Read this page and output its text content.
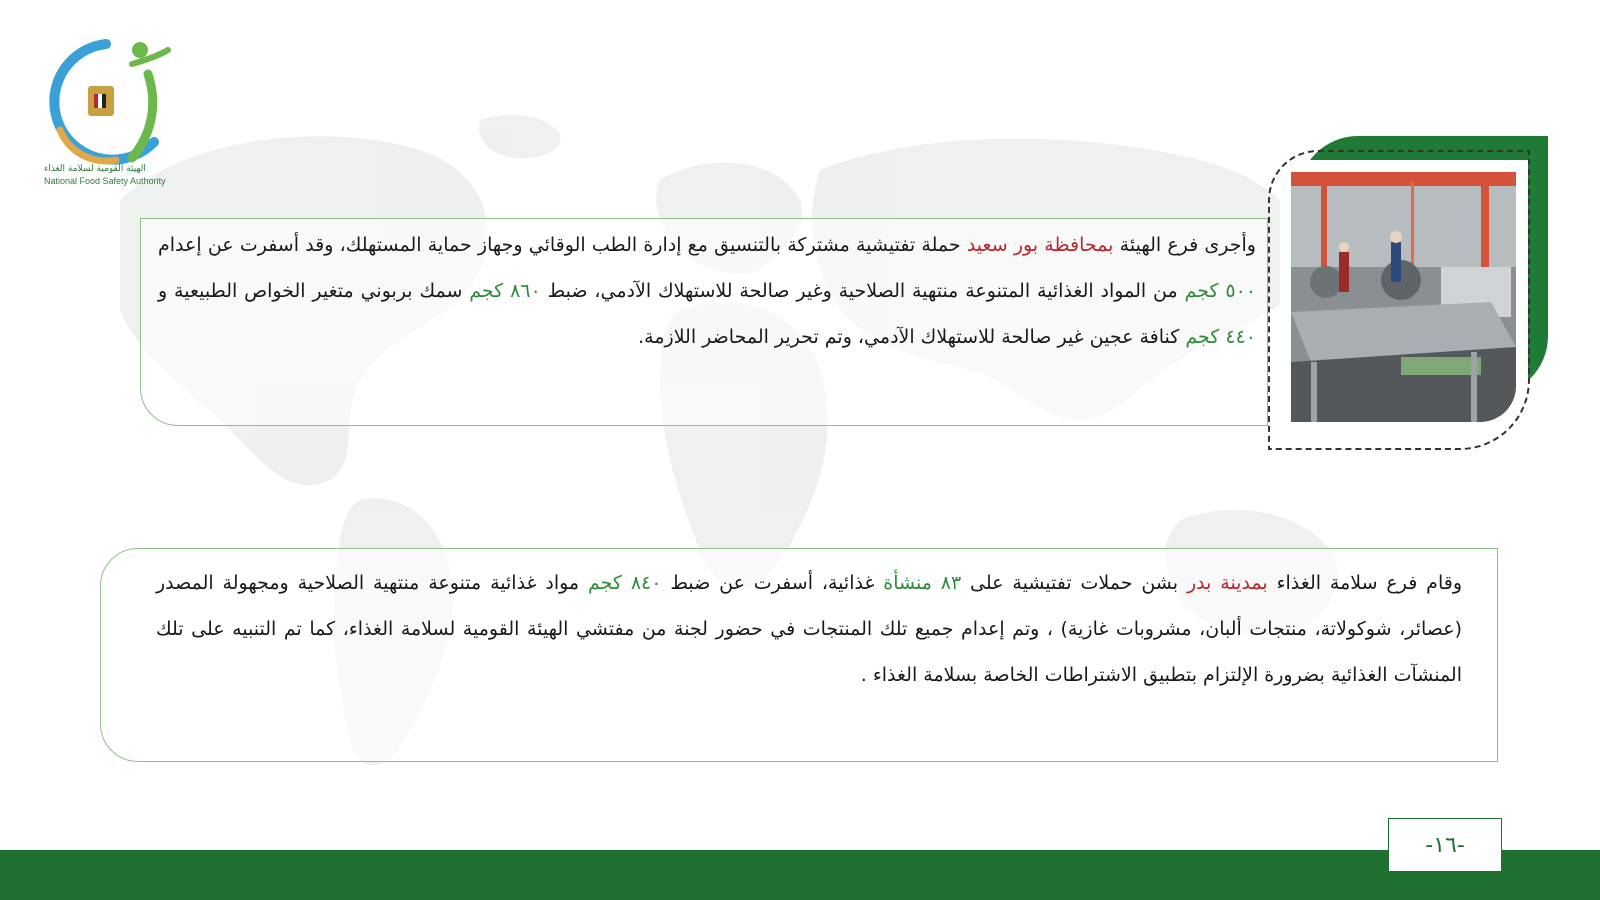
NFSA
الهيئة القومية لسلامة الغذاء
National Food Safety Authority
وأجرى فرع الهيئة بمحافظة بور سعيد حملة تفتيشية مشتركة بالتنسيق مع إدارة الطب الوقائي وجهاز حماية المستهلك، وقد أسفرت عن إعدام ٥٠٠ كجم من المواد الغذائية المتنوعة منتهية الصلاحية وغير صالحة للاستهلاك الآدمي، ضبط ٨٦٠ كجم سمك بربوني متغير الخواص الطبيعية و ٤٤٠ كجم كنافة عجين غير صالحة للاستهلاك الآدمي، وتم تحرير المحاضر اللازمة.
وقام فرع سلامة الغذاء بمدينة بدر بشن حملات تفتيشية على ٨٣ منشأة غذائية، أسفرت عن ضبط ٨٤٠ كجم مواد غذائية متنوعة منتهية الصلاحية ومجهولة المصدر (عصائر، شوكولاتة، منتجات ألبان، مشروبات غازية) ، وتم إعدام جميع تلك المنتجات في حضور لجنة من مفتشي الهيئة القومية لسلامة الغذاء، كما تم التنبيه على تلك المنشآت الغذائية بضرورة الإلتزام بتطبيق الاشتراطات الخاصة بسلامة الغذاء .
-١٦-
